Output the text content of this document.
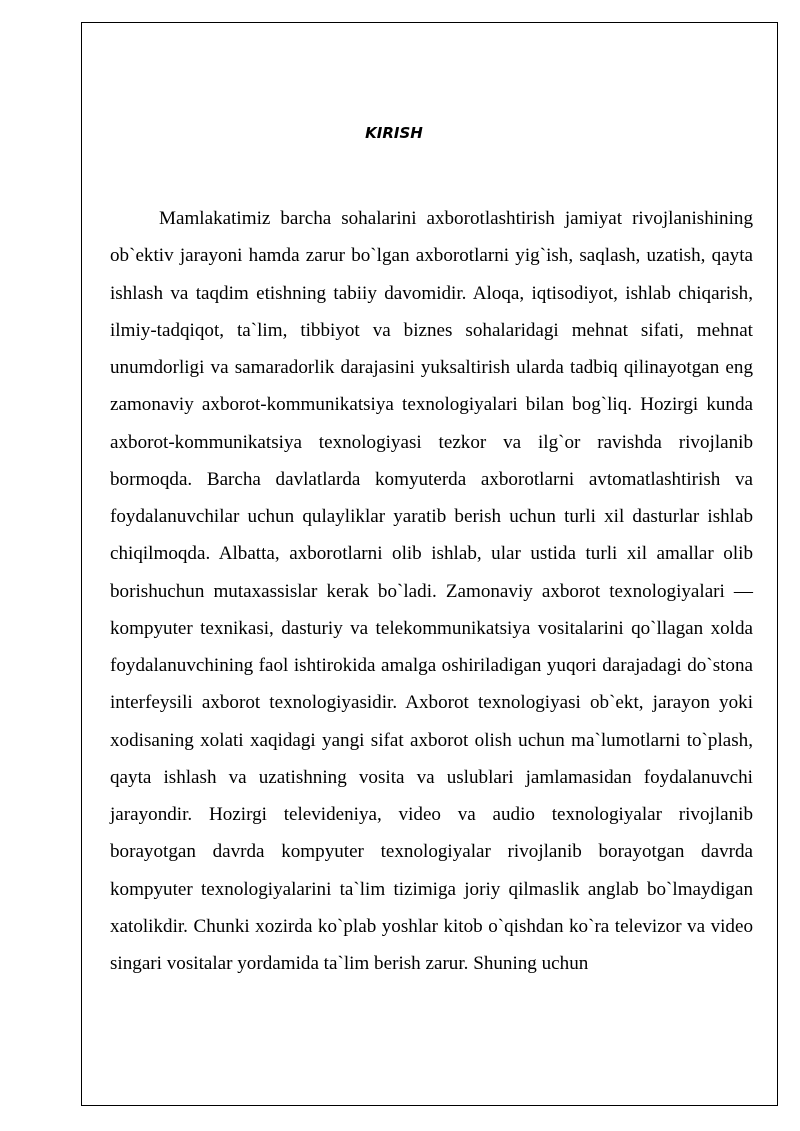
KIRISH

Mamlakatimiz barcha sohalarini axborotlashtirish jamiyat rivojlanishining ob`ektiv jarayoni hamda zarur bo`lgan axborotlarni yig`ish, saqlash, uzatish, qayta ishlash va taqdim etishning tabiiy davomidir. Aloqa, iqtisodiyot, ishlab chiqarish, ilmiy-tadqiqot, ta`lim, tibbiyot va biznes sohalaridagi mehnat sifati, mehnat unumdorligi va samaradorlik darajasini yuksaltirish ularda tadbiq qilinayotgan eng zamonaviy axborot-kommunikatsiya texnologiyalari bilan bog`liq. Hozirgi kunda axborot-kommunikatsiya texnologiyasi tezkor va ilg`or ravishda rivojlanib bormoqda. Barcha davlatlarda komyuterda axborotlarni avtomatlashtirish va foydalanuvchilar uchun qulayliklar yaratib berish uchun turli xil dasturlar ishlab chiqilmoqda. Albatta, axborotlarni olib ishlab, ular ustida turli xil amallar olib borishuchun mutaxassislar kerak bo`ladi. Zamonaviy axborot texnologiyalari — kompyuter texnikasi, dasturiy va telekommunikatsiya vositalarini qo`llagan xolda foydalanuvchining faol ishtirokida amalga oshiriladigan yuqori darajadagi do`stona interfeysili axborot texnologiyasidir. Axborot texnologiyasi ob`ekt, jarayon yoki xodisaning xolati xaqidagi yangi sifat axborot olish uchun ma`lumotlarni to`plash, qayta ishlash va uzatishning vosita va uslublari jamlamasidan foydalanuvchi jarayondir. Hozirgi televideniya, video va audio texnologiyalar rivojlanib borayotgan davrda kompyuter texnologiyalar rivojlanib borayotgan davrda kompyuter texnologiyalarini ta`lim tizimiga joriy qilmaslik anglab bo`lmaydigan xatolikdir. Chunki xozirda ko`plab yoshlar kitob o`qishdan ko`ra televizor va video singari vositalar yordamida ta`lim berish zarur. Shuning uchun
